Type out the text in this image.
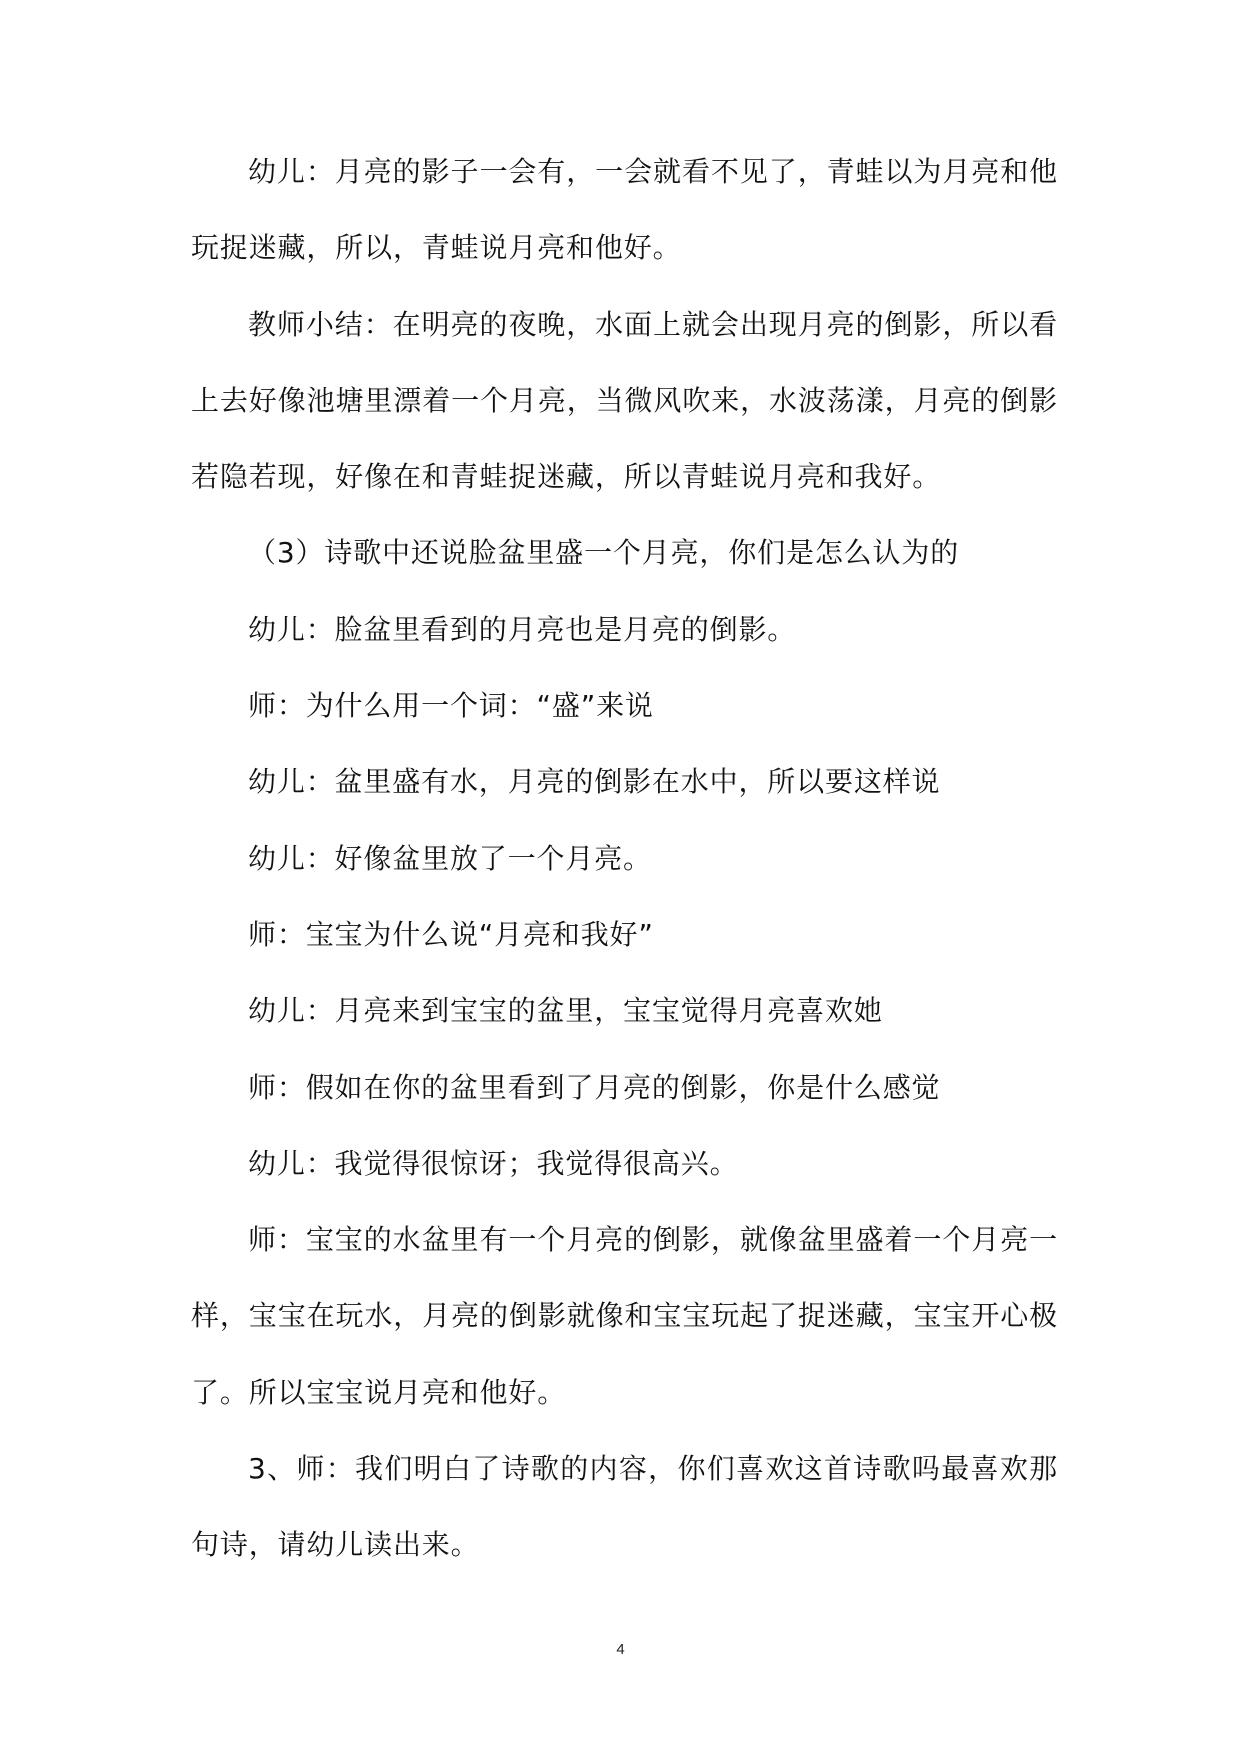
幼儿：月亮的影子一会有，一会就看不见了，青蛙以为月亮和他
玩捉迷藏，所以，青蛙说月亮和他好。
教师小结：在明亮的夜晚，水面上就会出现月亮的倒影，所以看
上去好像池塘里漂着一个月亮，当微风吹来，水波荡漾，月亮的倒影
若隐若现，好像在和青蛙捉迷藏，所以青蛙说月亮和我好。
（3）诗歌中还说脸盆里盛一个月亮，你们是怎么认为的
幼儿：脸盆里看到的月亮也是月亮的倒影。
师：为什么用一个词：“盛”来说
幼儿：盆里盛有水，月亮的倒影在水中，所以要这样说
幼儿：好像盆里放了一个月亮。
师：宝宝为什么说“月亮和我好”
幼儿：月亮来到宝宝的盆里，宝宝觉得月亮喜欢她
师：假如在你的盆里看到了月亮的倒影，你是什么感觉
幼儿：我觉得很惊讶；我觉得很高兴。
师：宝宝的水盆里有一个月亮的倒影，就像盆里盛着一个月亮一
样，宝宝在玩水，月亮的倒影就像和宝宝玩起了捉迷藏，宝宝开心极
了。所以宝宝说月亮和他好。
3、师：我们明白了诗歌的内容，你们喜欢这首诗歌吗最喜欢那
句诗，请幼儿读出来。
4
